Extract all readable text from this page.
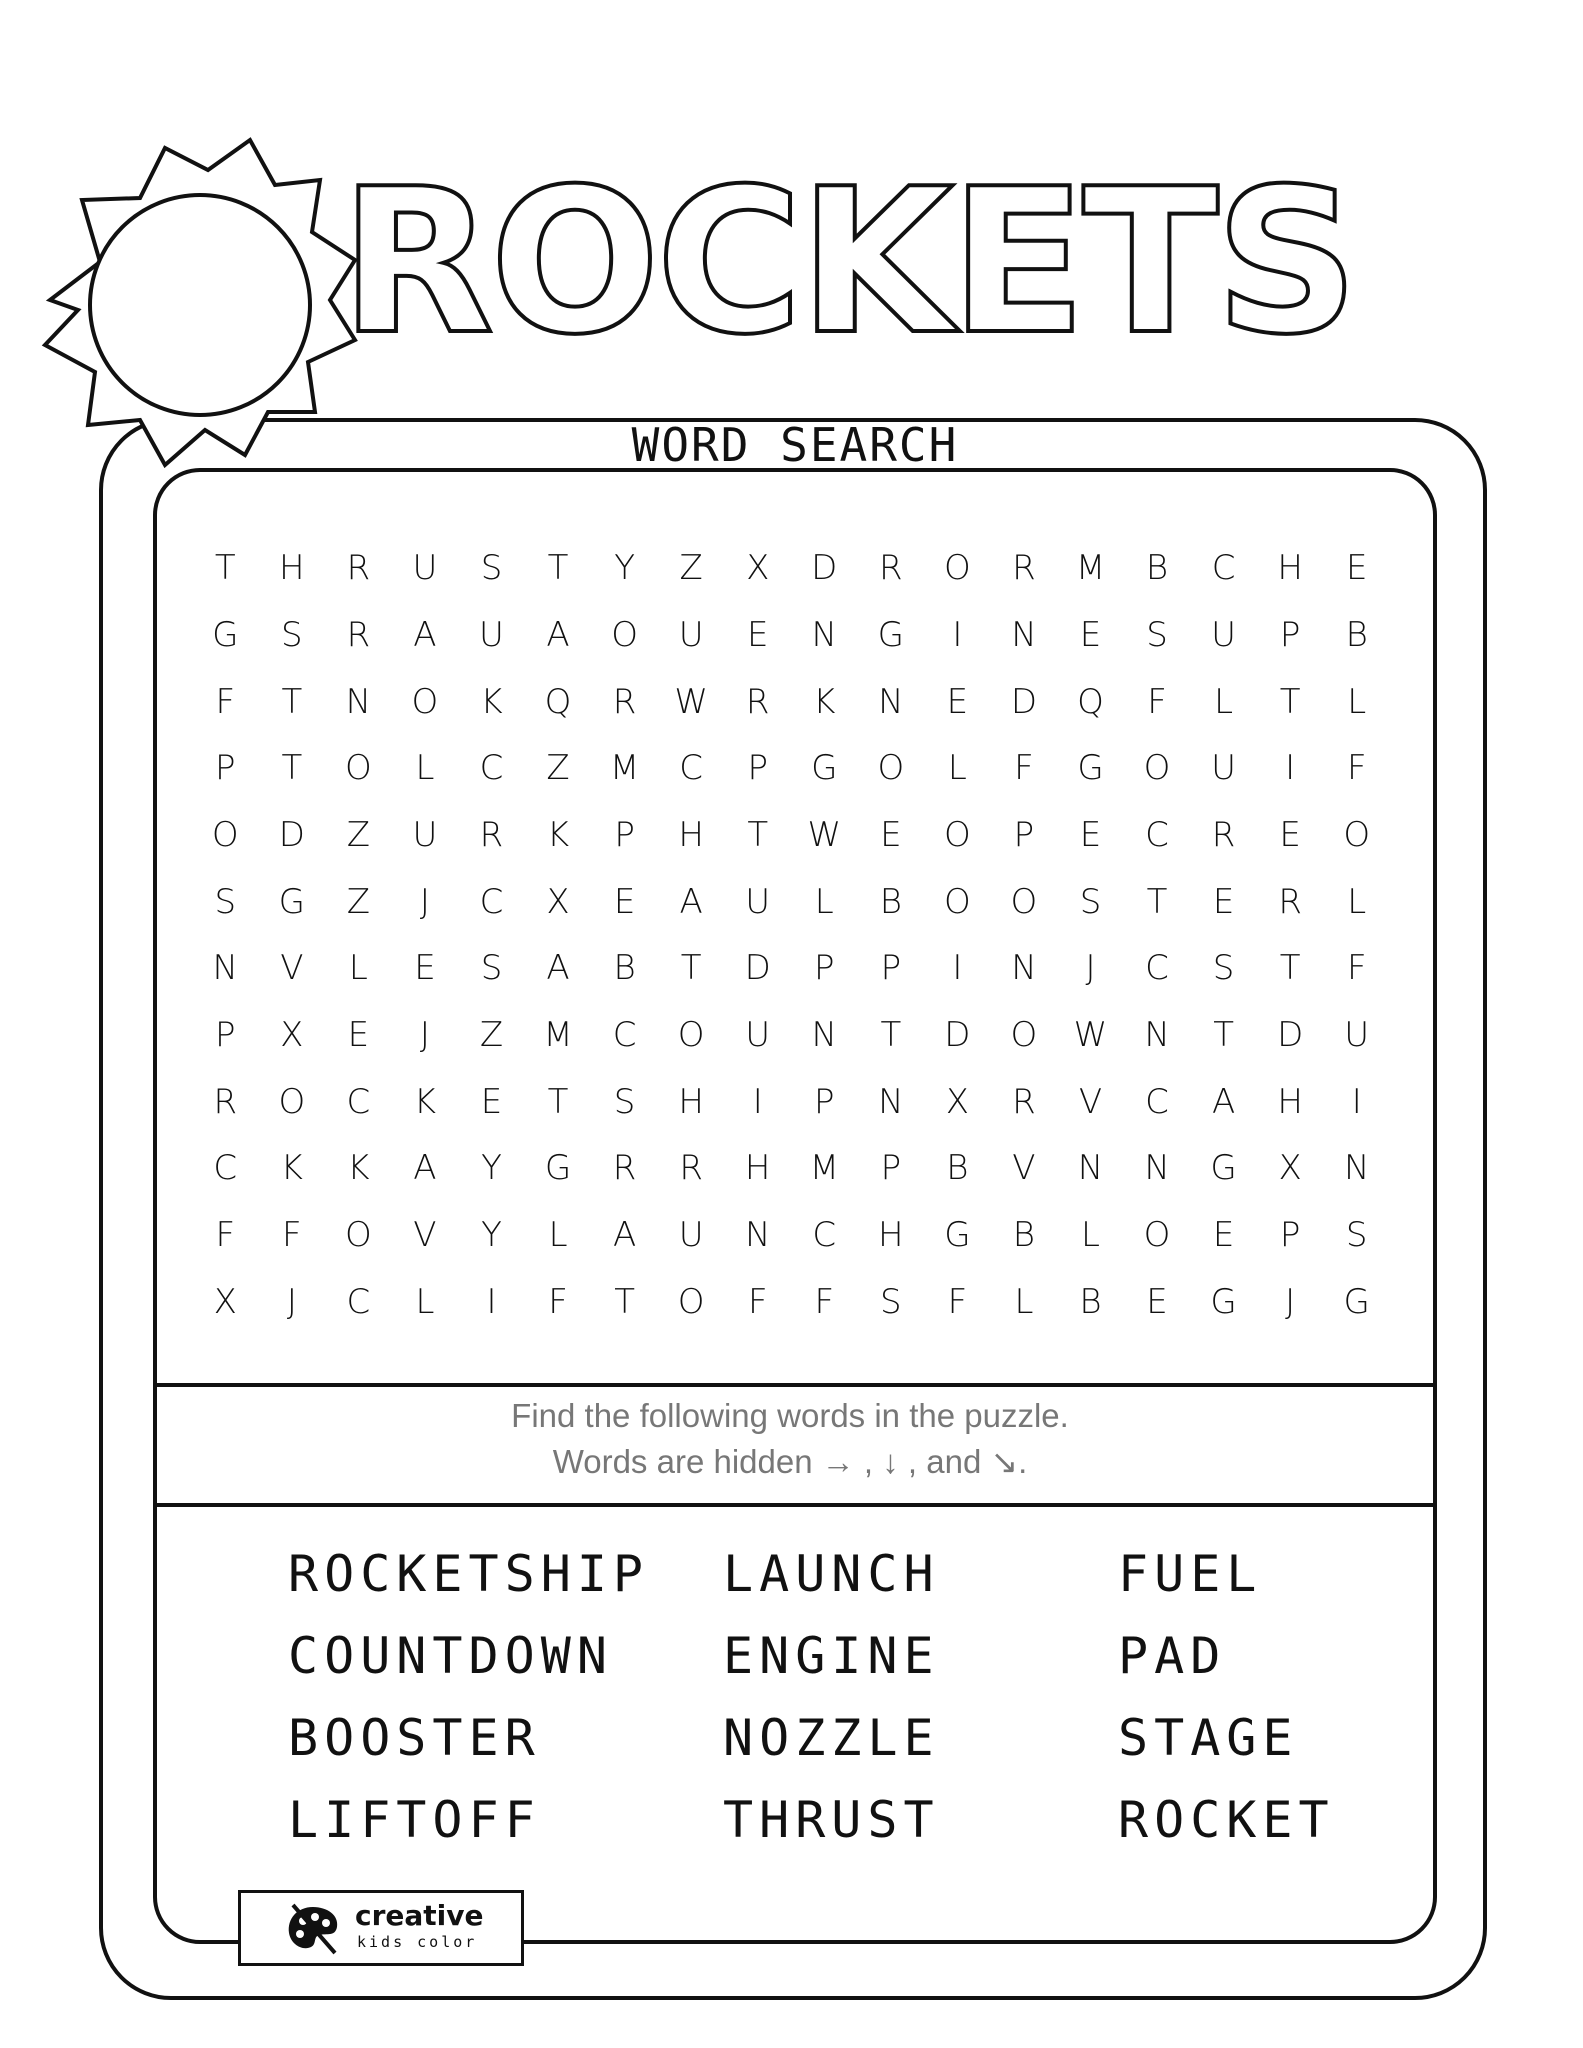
ROCKETS
WORD SEARCH
T	H	R	U	S	T	Y	Z	X	D	R	O	R	M	B	C	H	E
G	S	R	A	U	A	O	U	E	N	G	I	N	E	S	U	P	B
F	T	N	O	K	Q	R	W	R	K	N	E	D	Q	F	L	T	L
P	T	O	L	C	Z	M	C	P	G	O	L	F	G	O	U	I	F
O	D	Z	U	R	K	P	H	T	W	E	O	P	E	C	R	E	O
S	G	Z	J	C	X	E	A	U	L	B	O	O	S	T	E	R	L
N	V	L	E	S	A	B	T	D	P	P	I	N	J	C	S	T	F
P	X	E	J	Z	M	C	O	U	N	T	D	O	W	N	T	D	U
R	O	C	K	E	T	S	H	I	P	N	X	R	V	C	A	H	I
C	K	K	A	Y	G	R	R	H	M	P	B	V	N	N	G	X	N
F	F	O	V	Y	L	A	U	N	C	H	G	B	L	O	E	P	S
X	J	C	L	I	F	T	O	F	F	S	F	L	B	E	G	J	G
Find the following words in the puzzle.
Words are hidden → , ↓ , and ↘.
ROCKETSHIP
COUNTDOWN
BOOSTER
LIFTOFF
LAUNCH
ENGINE
NOZZLE
THRUST
FUEL
PAD
STAGE
ROCKET
creative
kids color
